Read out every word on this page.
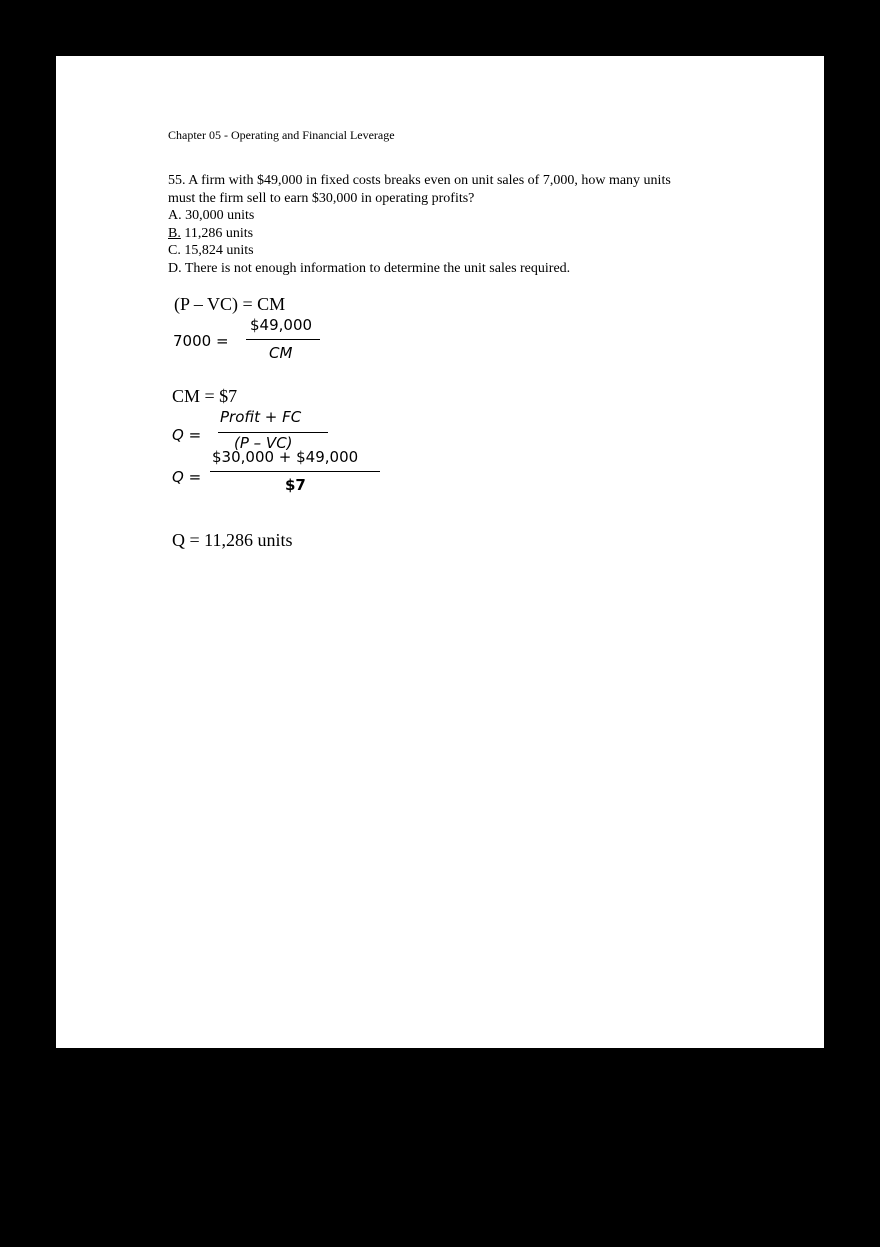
Chapter 05 - Operating and Financial Leverage
55. A firm with $49,000 in fixed costs breaks even on unit sales of 7,000, how many units
must the firm sell to earn $30,000 in operating profits?
A. 30,000 units
B. 11,286 units
C. 15,824 units
D. There is not enough information to determine the unit sales required.
(P – VC) = CM
7000 =
$49,000
CM
CM = $7
Q =
Profit + FC
(P – VC)
Q =
$30,000 + $49,000
$7
Q = 11,286 units
